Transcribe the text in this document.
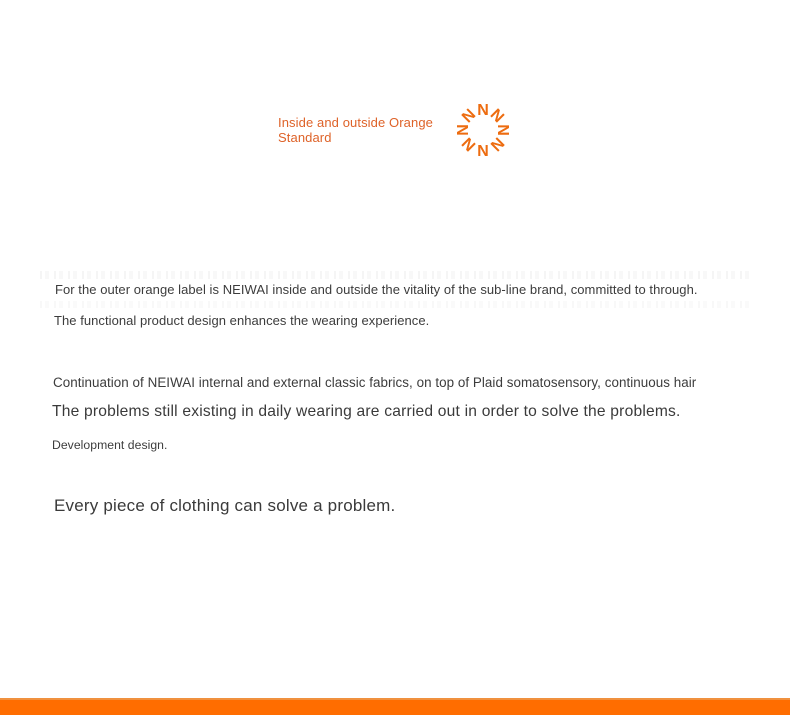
Inside and outside Orange
Standard
N
N
N
N
N
N
N
N
For the outer orange label is NEIWAI inside and outside the vitality of the sub-line brand, committed to through.
The functional product design enhances the wearing experience.
Continuation of NEIWAI internal and external classic fabrics, on top of Plaid somatosensory, continuous hair
The problems still existing in daily wearing are carried out in order to solve the problems.
Development design.
Every piece of clothing can solve a problem.
